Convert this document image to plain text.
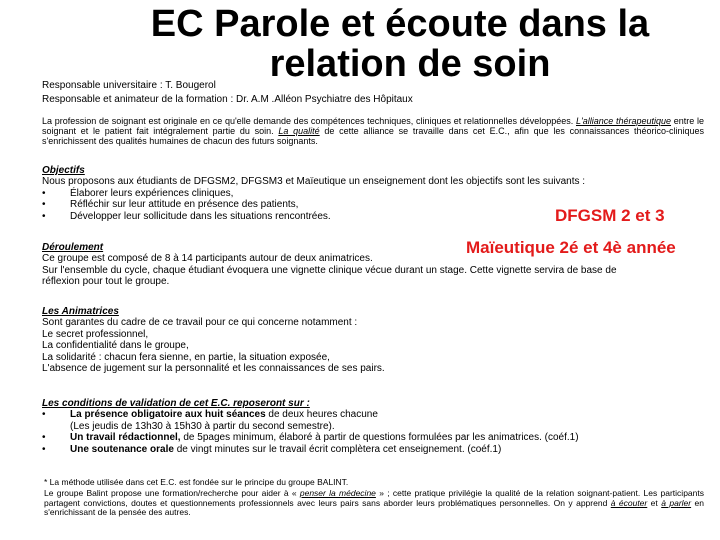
EC Parole et écoute dans la
relation de soin
Responsable universitaire : T. Bougerol
Responsable et animateur de la formation : Dr. A.M .Alléon Psychiatre des Hôpitaux
La profession de soignant est originale en ce qu'elle demande des compétences techniques, cliniques et relationnelles développées. L'alliance thérapeutique entre le soignant et le patient fait intégralement partie du soin. La qualité de cette alliance se travaille dans cet E.C., afin que les connaissances théorico-cliniques s'enrichissent des qualités humaines de chacun des futurs soignants.
Objectifs
Nous proposons aux étudiants de DFGSM2, DFGSM3 et Maïeutique un enseignement dont les objectifs sont les suivants :
• Élaborer leurs expériences cliniques,
• Réfléchir sur leur attitude en présence des patients,
• Développer leur sollicitude dans les situations rencontrées.	DFGSM 2 et 3
Maïeutique 2é et 4è année
Déroulement
Ce groupe est composé de 8 à 14 participants autour de deux animatrices.
Sur l'ensemble du cycle, chaque étudiant évoquera une vignette clinique vécue durant un stage. Cette vignette servira de base de
réflexion pour tout le groupe.
Les Animatrices
Sont garantes du cadre de ce travail pour ce qui concerne notamment :
Le secret professionnel,
La confidentialité dans le groupe,
La solidarité : chacun fera sienne, en partie, la situation exposée,
L'absence de jugement sur la personnalité et les connaissances de ses pairs.
Les conditions de validation de cet E.C. reposeront sur :
• La présence obligatoire aux huit séances de deux heures chacune
(Les jeudis de 13h30 à 15h30 à partir du second semestre).
• Un travail rédactionnel, de 5pages minimum, élaboré à partir de questions formulées par les animatrices. (coéf.1)
• Une soutenance orale de vingt minutes sur le travail écrit complètera cet enseignement. (coéf.1)
* La méthode utilisée dans cet E.C. est fondée sur le principe du groupe BALINT.
Le groupe Balint propose une formation/recherche pour aider à « penser la médecine » ; cette pratique privilégie la qualité de la relation soignant-patient. Les participants partagent convictions, doutes et questionnements professionnels avec leurs pairs sans aborder leurs problématiques personnelles. On y apprend à écouter et à parler en s'enrichissant de la pensée des autres.
